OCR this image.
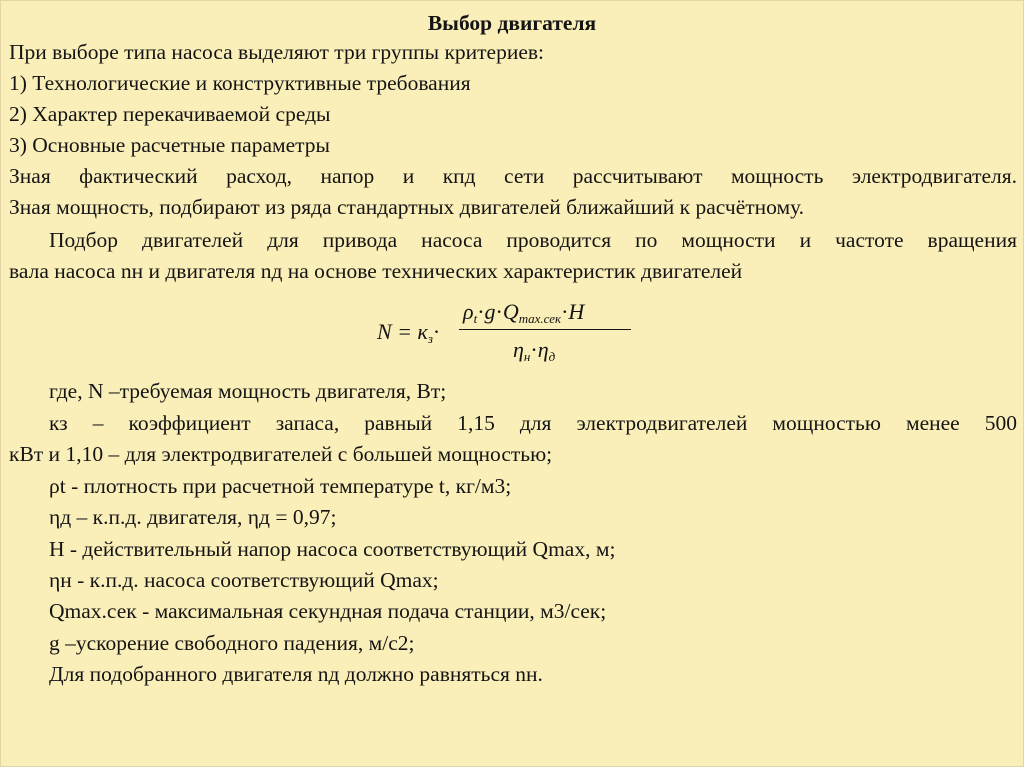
Выбор двигателя
При выборе типа насоса выделяют три группы критериев:
1) Технологические и конструктивные требования
2) Характер перекачиваемой среды
3) Основные расчетные параметры
Зная фактический расход, напор и кпд сети рассчитывают мощность электродвигателя.
Зная мощность, подбирают из ряда стандартных двигателей ближайший к расчётному.
Подбор двигателей для привода насоса проводится по мощности и частоте вращения
вала насоса nн и двигателя nд на основе технических характеристик двигателей
$N = к_з\cdot$
$\rho_t\cdot g\cdot Q_{max.сек}\cdot H$
$\eta_н\cdot\eta_д$
где, N –требуемая мощность двигателя, Вт;
кз – коэффициент запаса, равный 1,15 для электродвигателей мощностью менее 500
кВт и 1,10 – для электродвигателей с большей мощностью;
ρt - плотность при расчетной температуре t, кг/м3;
ηд – к.п.д. двигателя, ηд = 0,97;
Н - действительный напор насоса соответствующий Qmax, м;
ηн - к.п.д. насоса соответствующий Qmax;
Qmax.сек - максимальная секундная подача станции, м3/сек;
g –ускорение свободного падения, м/с2;
Для подобранного двигателя nд должно равняться nн.
